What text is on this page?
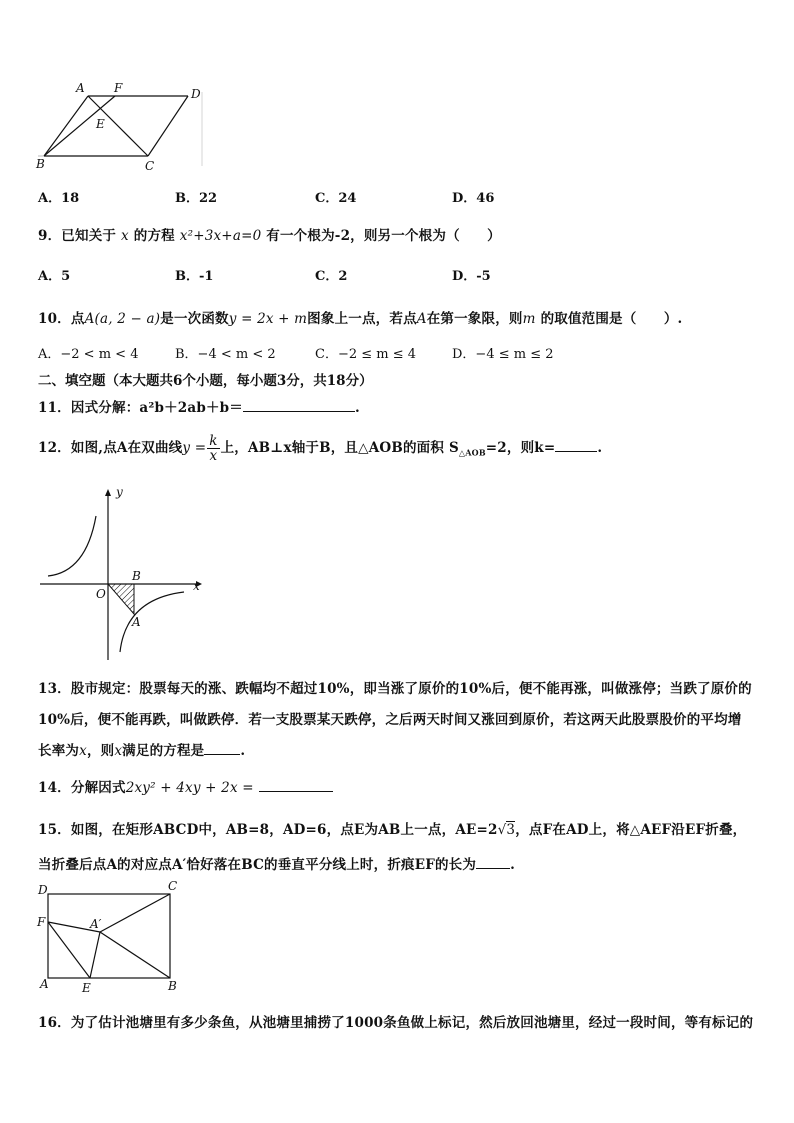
A F	D
E
B	C
A．18	B．22	C．24	D．46
9．已知关于 x 的方程 x²+3x+a=0 有一个根为-2，则另一个根为（　　）
A．5	B．-1	C．2	D．-5
10．点A(a, 2 − a)是一次函数y = 2x + m图象上一点，若点A在第一象限，则m 的取值范围是（　　）.
A．−2 < m < 4	B．−4 < m < 2	C．−2 ≤ m ≤ 4	D．−4 ≤ m ≤ 2
二、填空题（本大题共6个小题，每小题3分，共18分）
11．因式分解：a²b＋2ab＋b＝	.
12．如图,点A在双曲线$y = \frac{k}{x}$ 上，AB⊥x轴于B，且△AOB的面积 $S_{\triangle AOB}=2$，则k=	.
y
x
O
B
A
13．股市规定：股票每天的涨、跌幅均不超过10%，即当涨了原价的10%后，便不能再涨，叫做涨停；当跌了原价的
10%后，便不能再跌，叫做跌停．若一支股票某天跌停，之后两天时间又涨回到原价，若这两天此股票股价的平均增
长率为x，则x满足的方程是	.
14．分解因式2xy² + 4xy + 2x =
15．如图，在矩形ABCD中，AB=8，AD=6，点E为AB上一点，AE=2√3，点F在AD上，将△AEF沿EF折叠，
当折叠后点A的对应点A′恰好落在BC的垂直平分线上时，折痕EF的长为	.
D	C
F	A′
A	E	B
16．为了估计池塘里有多少条鱼，从池塘里捕捞了1000条鱼做上标记，然后放回池塘里，经过一段时间，等有标记的
